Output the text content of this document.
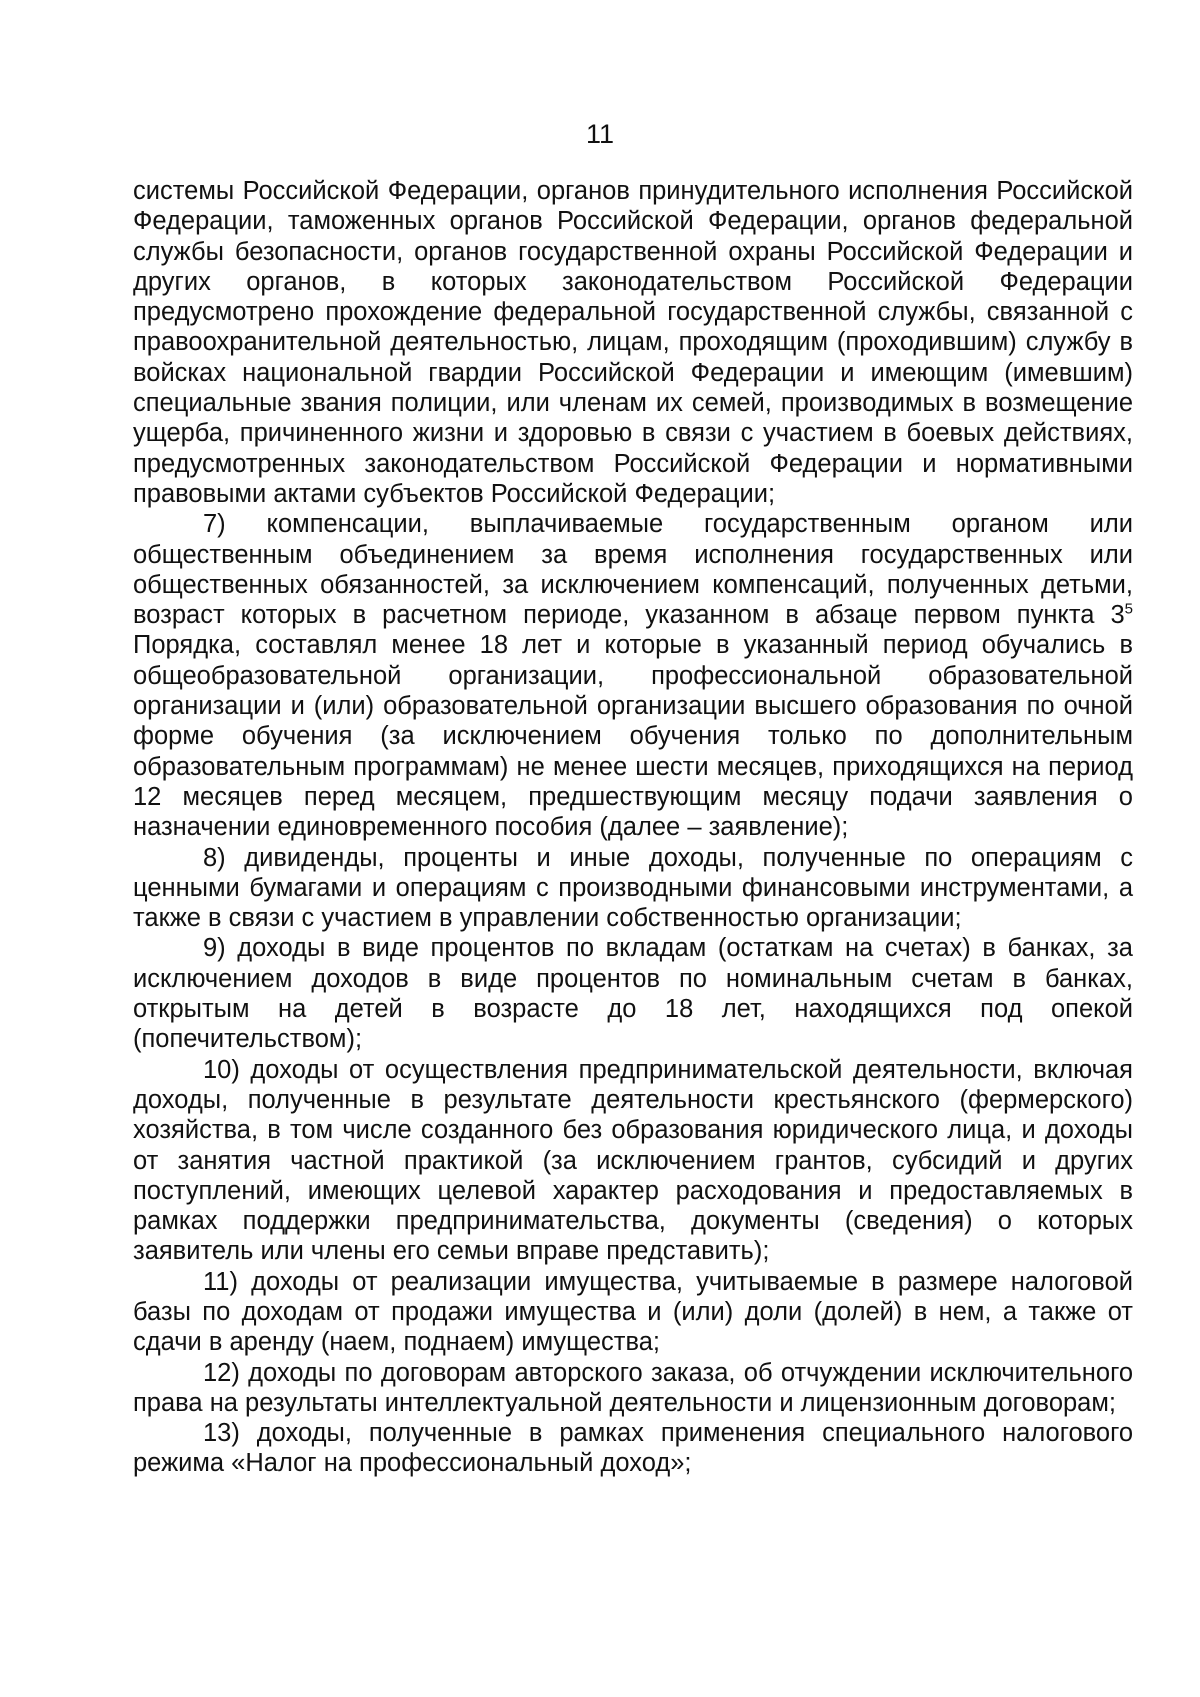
11

системы Российской Федерации, органов принудительного исполнения Российской Федерации, таможенных органов Российской Федерации, органов федеральной службы безопасности, органов государственной охраны Российской Федерации и других органов, в которых законодательством Российской Федерации предусмотрено прохождение федеральной государственной службы, связанной с правоохранительной деятельностью, лицам, проходящим (проходившим) службу в войсках национальной гвардии Российской Федерации и имеющим (имевшим) специальные звания полиции, или членам их семей, производимых в возмещение ущерба, причиненного жизни и здоровью в связи с участием в боевых действиях, предусмотренных законодательством Российской Федерации и нормативными правовыми актами субъектов Российской Федерации;

7) компенсации, выплачиваемые государственным органом или общественным объединением за время исполнения государственных или общественных обязанностей, за исключением компенсаций, полученных детьми, возраст которых в расчетном периоде, указанном в абзаце первом пункта $3^5$ Порядка, составлял менее 18 лет и которые в указанный период обучались в общеобразовательной организации, профессиональной образовательной организации и (или) образовательной организации высшего образования по очной форме обучения (за исключением обучения только по дополнительным образовательным программам) не менее шести месяцев, приходящихся на период 12 месяцев перед месяцем, предшествующим месяцу подачи заявления о назначении единовременного пособия (далее – заявление);

8) дивиденды, проценты и иные доходы, полученные по операциям с ценными бумагами и операциям с производными финансовыми инструментами, а также в связи с участием в управлении собственностью организации;

9) доходы в виде процентов по вкладам (остаткам на счетах) в банках, за исключением доходов в виде процентов по номинальным счетам в банках, открытым на детей в возрасте до 18 лет, находящихся под опекой (попечительством);

10) доходы от осуществления предпринимательской деятельности, включая доходы, полученные в результате деятельности крестьянского (фермерского) хозяйства, в том числе созданного без образования юридического лица, и доходы от занятия частной практикой (за исключением грантов, субсидий и других поступлений, имеющих целевой характер расходования и предоставляемых в рамках поддержки предпринимательства, документы (сведения) о которых заявитель или члены его семьи вправе представить);

11) доходы от реализации имущества, учитываемые в размере налоговой базы по доходам от продажи имущества и (или) доли (долей) в нем, а также от сдачи в аренду (наем, поднаем) имущества;

12) доходы по договорам авторского заказа, об отчуждении исключительного права на результаты интеллектуальной деятельности и лицензионным договорам;

13) доходы, полученные в рамках применения специального налогового режима «Налог на профессиональный доход»;
